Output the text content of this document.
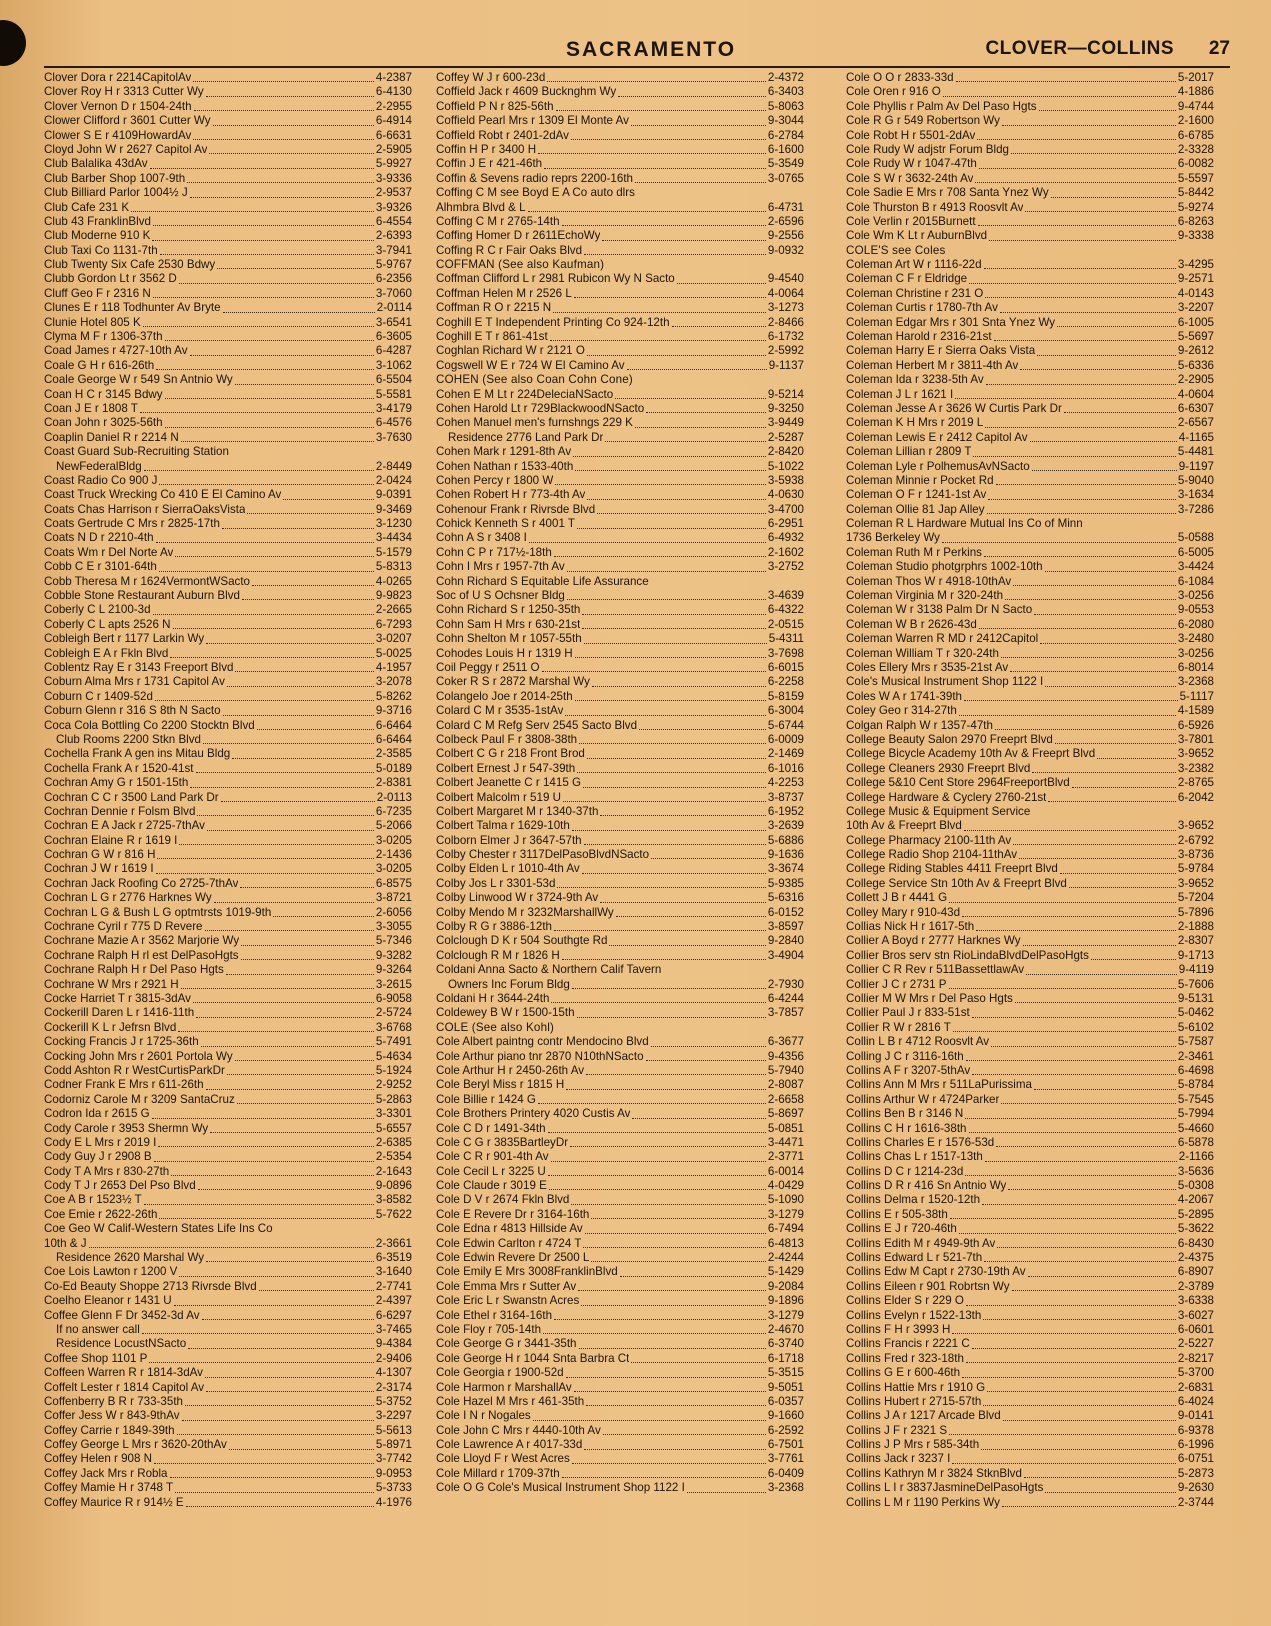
SACRAMENTO	CLOVER—COLLINS 27
Clover Dora r 2214CapitolAv	4-2387
Clover Roy H r 3313 Cutter Wy	6-4130
Clover Vernon D r 1504-24th	2-2955
Clower Clifford r 3601 Cutter Wy	6-4914
Clower S E r 4109HowardAv	6-6631
Cloyd John W r 2627 Capitol Av	2-5905
Club Balalika 43dAv	5-9927
Club Barber Shop 1007-9th	3-9336
Club Billiard Parlor 1004½ J	2-9537
Club Cafe 231 K	3-9326
Club 43 FranklinBlvd	6-4554
Club Moderne 910 K	2-6393
Club Taxi Co 1131-7th	3-7941
Club Twenty Six Cafe 2530 Bdwy	5-9767
Clubb Gordon Lt r 3562 D	6-2356
Cluff Geo F r 2316 N	3-7060
Clunes E r 118 Todhunter Av Bryte	2-0114
Clunie Hotel 805 K	3-6541
Clyma M F r 1306-37th	6-3605
Coad James r 4727-10th Av	6-4287
Coale G H r 616-26th	3-1062
Coale George W r 549 Sn Antnio Wy	6-5504
Coan H C r 3145 Bdwy	5-5581
Coan J E r 1808 T	3-4179
Coan John r 3025-56th	6-4576
Coaplin Daniel R r 2214 N	3-7630
Coast Guard Sub-Recruiting Station
NewFederalBldg	2-8449
Coast Radio Co 900 J	2-0424
Coast Truck Wrecking Co 410 E El Camino Av	9-0391
Coats Chas Harrison r SierraOaksVista	9-3469
Coats Gertrude C Mrs r 2825-17th	3-1230
Coats N D r 2210-4th	3-4434
Coats Wm r Del Norte Av	5-1579
Cobb C E r 3101-64th	5-8313
Cobb Theresa M r 1624VermontWSacto	4-0265
Cobble Stone Restaurant Auburn Blvd	9-9823
Coberly C L 2100-3d	2-2665
Coberly C L apts 2526 N	6-7293
Cobleigh Bert r 1177 Larkin Wy	3-0207
Cobleigh E A r Fkln Blvd	5-0025
Coblentz Ray E r 3143 Freeport Blvd	4-1957
Coburn Alma Mrs r 1731 Capitol Av	3-2078
Coburn C r 1409-52d	5-8262
Coburn Glenn r 316 S 8th N Sacto	9-3716
Coca Cola Bottling Co 2200 Stocktn Blvd	6-6464
Club Rooms 2200 Stkn Blvd	6-6464
Cochella Frank A gen ins Mitau Bldg	2-3585
Cochella Frank A r 1520-41st	5-0189
Cochran Amy G r 1501-15th	2-8381
Cochran C C r 3500 Land Park Dr	2-0113
Cochran Dennie r Folsm Blvd	6-7235
Cochran E A Jack r 2725-7thAv	5-2066
Cochran Elaine R r 1619 I	3-0205
Cochran G W r 816 H	2-1436
Cochran J W r 1619 I	3-0205
Cochran Jack Roofing Co 2725-7thAv	6-8575
Cochran L G r 2776 Harknes Wy	3-8721
Cochran L G & Bush L G optmtrsts 1019-9th	2-6056
Cochrane Cyril r 775 D Revere	3-3055
Cochrane Mazie A r 3562 Marjorie Wy	5-7346
Cochrane Ralph H rl est DelPasoHgts	9-3282
Cochrane Ralph H r Del Paso Hgts	9-3264
Cochrane W Mrs r 2921 H	3-2615
Cocke Harriet T r 3815-3dAv	6-9058
Cockerill Daren L r 1416-11th	2-5724
Cockerill K L r Jefrsn Blvd	3-6768
Cocking Francis J r 1725-36th	5-7491
Cocking John Mrs r 2601 Portola Wy	5-4634
Codd Ashton R r WestCurtisParkDr	5-1924
Codner Frank E Mrs r 611-26th	2-9252
Codorniz Carole M r 3209 SantaCruz	5-2863
Codron Ida r 2615 G	3-3301
Cody Carole r 3953 Shermn Wy	5-6557
Cody E L Mrs r 2019 I	2-6385
Cody Guy J r 2908 B	2-5354
Cody T A Mrs r 830-27th	2-1643
Cody T J r 2653 Del Pso Blvd	9-0896
Coe A B r 1523½ T	3-8582
Coe Emie r 2622-26th	5-7622
Coe Geo W Calif-Western States Life Ins Co
10th & J	2-3661
Residence 2620 Marshal Wy	6-3519
Coe Lois Lawton r 1200 V	3-1640
Co-Ed Beauty Shoppe 2713 Rivrsde Blvd	2-7741
Coelho Eleanor r 1431 U	2-4397
Coffee Glenn F Dr 3452-3d Av	6-6297
If no answer call	3-7465
Residence LocustNSacto	9-4384
Coffee Shop 1101 P	2-9406
Coffeen Warren R r 1814-3dAv	4-1307
Coffelt Lester r 1814 Capitol Av	2-3174
Coffenberry B R r 733-35th	5-3752
Coffer Jess W r 843-9thAv	3-2297
Coffey Carrie r 1849-39th	5-5613
Coffey George L Mrs r 3620-20thAv	5-8971
Coffey Helen r 908 N	3-7742
Coffey Jack Mrs r Robla	9-0953
Coffey Mamie H r 3748 T	5-3733
Coffey Maurice R r 914½ E	4-1976
Coffey W J r 600-23d	2-4372
Coffield Jack r 4609 Bucknghm Wy	6-3403
Coffield P N r 825-56th	5-8063
Coffield Pearl Mrs r 1309 El Monte Av	9-3044
Coffield Robt r 2401-2dAv	6-2784
Coffin H P r 3400 H	6-1600
Coffin J E r 421-46th	5-3549
Coffin & Sevens radio reprs 2200-16th	3-0765
Coffing C M see Boyd E A Co auto dlrs
Alhmbra Blvd & L	6-4731
Coffing C M r 2765-14th	2-6596
Coffing Homer D r 2611EchoWy	9-2556
Coffing R C r Fair Oaks Blvd	9-0932
COFFMAN (See also Kaufman)
Coffman Clifford L r 2981 Rubicon Wy N Sacto	9-4540
Coffman Helen M r 2526 L	4-0064
Coffman R O r 2215 N	3-1273
Coghill E T Independent Printing Co 924-12th	2-8466
Coghill E T r 861-41st	6-1732
Coghlan Richard W r 2121 O	2-5992
Cogswell W E r 724 W El Camino Av	9-1137
COHEN (See also Coan Cohn Cone)
Cohen E M Lt r 224DeleciaNSacto	9-5214
Cohen Harold Lt r 729BlackwoodNSacto	9-3250
Cohen Manuel men's furnshngs 229 K	3-9449
Residence 2776 Land Park Dr	2-5287
Cohen Mark r 1291-8th Av	2-8420
Cohen Nathan r 1533-40th	5-1022
Cohen Percy r 1800 W	3-5938
Cohen Robert H r 773-4th Av	4-0630
Cohenour Frank r Rivrsde Blvd	3-4700
Cohick Kenneth S r 4001 T	6-2951
Cohn A S r 3408 I	6-4932
Cohn C P r 717½-18th	2-1602
Cohn I Mrs r 1957-7th Av	3-2752
Cohn Richard S Equitable Life Assurance
Soc of U S Ochsner Bldg	3-4639
Cohn Richard S r 1250-35th	6-4322
Cohn Sam H Mrs r 630-21st	2-0515
Cohn Shelton M r 1057-55th	5-4311
Cohodes Louis H r 1319 H	3-7698
Coil Peggy r 2511 O	6-6015
Coker R S r 2872 Marshal Wy	6-2258
Colangelo Joe r 2014-25th	5-8159
Colard C M r 3535-1stAv	6-3004
Colard C M Refg Serv 2545 Sacto Blvd	5-6744
Colbeck Paul F r 3808-38th	6-0009
Colbert C G r 218 Front Brod	2-1469
Colbert Ernest J r 547-39th	6-1016
Colbert Jeanette C r 1415 G	4-2253
Colbert Malcolm r 519 U	3-8737
Colbert Margaret M r 1340-37th	6-1952
Colbert Talma r 1629-10th	3-2639
Colborn Elmer J r 3647-57th	5-6886
Colby Chester r 3117DelPasoBlvdNSacto	9-1636
Colby Elden L r 1010-4th Av	3-3674
Colby Jos L r 3301-53d	5-9385
Colby Linwood W r 3724-9th Av	5-6316
Colby Mendo M r 3232MarshallWy	6-0152
Colby R G r 3886-12th	3-8597
Colclough D K r 504 Southgte Rd	9-2840
Colclough R M r 1826 H	3-4904
Coldani Anna Sacto & Northern Calif Tavern
Owners Inc Forum Bldg	2-7930
Coldani H r 3644-24th	6-4244
Coldewey B W r 1500-15th	3-7857
COLE (See also Kohl)
Cole Albert paintng contr Mendocino Blvd	6-3677
Cole Arthur piano tnr 2870 N10thNSacto	9-4356
Cole Arthur H r 2450-26th Av	5-7940
Cole Beryl Miss r 1815 H	2-8087
Cole Billie r 1424 G	2-6658
Cole Brothers Printery 4020 Custis Av	5-8697
Cole C D r 1491-34th	5-0851
Cole C G r 3835BartleyDr	3-4471
Cole C R r 901-4th Av	2-3771
Cole Cecil L r 3225 U	6-0014
Cole Claude r 3019 E	4-0429
Cole D V r 2674 Fkln Blvd	5-1090
Cole E Revere Dr r 3164-16th	3-1279
Cole Edna r 4813 Hillside Av	6-7494
Cole Edwin Carlton r 4724 T	6-4813
Cole Edwin Revere Dr 2500 L	2-4244
Cole Emily E Mrs 3008FranklinBlvd	5-1429
Cole Emma Mrs r Sutter Av	9-2084
Cole Eric L r Swanstn Acres	9-1896
Cole Ethel r 3164-16th	3-1279
Cole Floy r 705-14th	2-4670
Cole George G r 3441-35th	6-3740
Cole George H r 1044 Snta Barbra Ct	6-1718
Cole Georgia r 1900-52d	5-3515
Cole Harmon r MarshallAv	9-5051
Cole Hazel M Mrs r 461-35th	6-0357
Cole I N r Nogales	9-1660
Cole John C Mrs r 4440-10th Av	6-2592
Cole Lawrence A r 4017-33d	6-7501
Cole Lloyd F r West Acres	3-7761
Cole Millard r 1709-37th	6-0409
Cole O G Cole's Musical Instrument Shop 1122 I	3-2368
Cole O O r 2833-33d	5-2017
Cole Oren r 916 O	4-1886
Cole Phyllis r Palm Av Del Paso Hgts	9-4744
Cole R G r 549 Robertson Wy	2-1600
Cole Robt H r 5501-2dAv	6-6785
Cole Rudy W adjstr Forum Bldg	2-3328
Cole Rudy W r 1047-47th	6-0082
Cole S W r 3632-24th Av	5-5597
Cole Sadie E Mrs r 708 Santa Ynez Wy	5-8442
Cole Thurston B r 4913 Roosvlt Av	5-9274
Cole Verlin r 2015Burnett	6-8263
Cole Wm K Lt r AuburnBlvd	9-3338
COLE'S see Coles
Coleman Art W r 1116-22d	3-4295
Coleman C F r Eldridge	9-2571
Coleman Christine r 231 O	4-0143
Coleman Curtis r 1780-7th Av	3-2207
Coleman Edgar Mrs r 301 Snta Ynez Wy	6-1005
Coleman Harold r 2316-21st	5-5697
Coleman Harry E r Sierra Oaks Vista	9-2612
Coleman Herbert M r 3811-4th Av	5-6336
Coleman Ida r 3238-5th Av	2-2905
Coleman J L r 1621 I	4-0604
Coleman Jesse A r 3626 W Curtis Park Dr	6-6307
Coleman K H Mrs r 2019 L	2-6567
Coleman Lewis E r 2412 Capitol Av	4-1165
Coleman Lillian r 2809 T	5-4481
Coleman Lyle r PolhemusAvNSacto	9-1197
Coleman Minnie r Pocket Rd	5-9040
Coleman O F r 1241-1st Av	3-1634
Coleman Ollie 81 Jap Alley	3-7286
Coleman R L Hardware Mutual Ins Co of Minn
1736 Berkeley Wy	5-0588
Coleman Ruth M r Perkins	6-5005
Coleman Studio photgrphrs 1002-10th	3-4424
Coleman Thos W r 4918-10thAv	6-1084
Coleman Virginia M r 320-24th	3-0256
Coleman W r 3138 Palm Dr N Sacto	9-0553
Coleman W B r 2626-43d	6-2080
Coleman Warren R MD r 2412Capitol	3-2480
Coleman William T r 320-24th	3-0256
Coles Ellery Mrs r 3535-21st Av	6-8014
Cole's Musical Instrument Shop 1122 I	3-2368
Coles W A r 1741-39th	5-1117
Coley Geo r 314-27th	4-1589
Colgan Ralph W r 1357-47th	6-5926
College Beauty Salon 2970 Freeprt Blvd	3-7801
College Bicycle Academy 10th Av & Freeprt Blvd	3-9652
College Cleaners 2930 Freeprt Blvd	3-2382
College 5&10 Cent Store 2964FreeportBlvd	2-8765
College Hardware & Cyclery 2760-21st	6-2042
College Music & Equipment Service
10th Av & Freeprt Blvd	3-9652
College Pharmacy 2100-11th Av	2-6792
College Radio Shop 2104-11thAv	3-8736
College Riding Stables 4411 Freeprt Blvd	5-9784
College Service Stn 10th Av & Freeprt Blvd	3-9652
Collett J B r 4441 G	5-7204
Colley Mary r 910-43d	5-7896
Collias Nick H r 1617-5th	2-1888
Collier A Boyd r 2777 Harknes Wy	2-8307
Collier Bros serv stn RioLindaBlvdDelPasoHgts	9-1713
Collier C R Rev r 511BassettlawAv	9-4119
Collier J C r 2731 P	5-7606
Collier M W Mrs r Del Paso Hgts	9-5131
Collier Paul J r 833-51st	5-0462
Collier R W r 2816 T	5-6102
Collin L B r 4712 Roosvlt Av	5-7587
Colling J C r 3116-16th	2-3461
Collins A F r 3207-5thAv	6-4698
Collins Ann M Mrs r 511LaPurissima	5-8784
Collins Arthur W r 4724Parker	5-7545
Collins Ben B r 3146 N	5-7994
Collins C H r 1616-38th	5-4660
Collins Charles E r 1576-53d	6-5878
Collins Chas L r 1517-13th	2-1166
Collins D C r 1214-23d	3-5636
Collins D R r 416 Sn Antnio Wy	5-0308
Collins Delma r 1520-12th	4-2067
Collins E r 505-38th	5-2895
Collins E J r 720-46th	5-3622
Collins Edith M r 4949-9th Av	6-8430
Collins Edward L r 521-7th	2-4375
Collins Edw M Capt r 2730-19th Av	6-8907
Collins Eileen r 901 Robrtsn Wy	2-3789
Collins Elder S r 229 O	3-6338
Collins Evelyn r 1522-13th	3-6027
Collins F H r 3993 H	6-0601
Collins Francis r 2221 C	2-5227
Collins Fred r 323-18th	2-8217
Collins G E r 600-46th	5-3700
Collins Hattie Mrs r 1910 G	2-6831
Collins Hubert r 2715-57th	6-4024
Collins J A r 1217 Arcade Blvd	9-0141
Collins J F r 2321 S	6-9378
Collins J P Mrs r 585-34th	6-1996
Collins Jack r 3237 I	6-0751
Collins Kathryn M r 3824 StknBlvd	5-2873
Collins L I r 3837JasmineDelPasoHgts	9-2630
Collins L M r 1190 Perkins Wy	2-3744
